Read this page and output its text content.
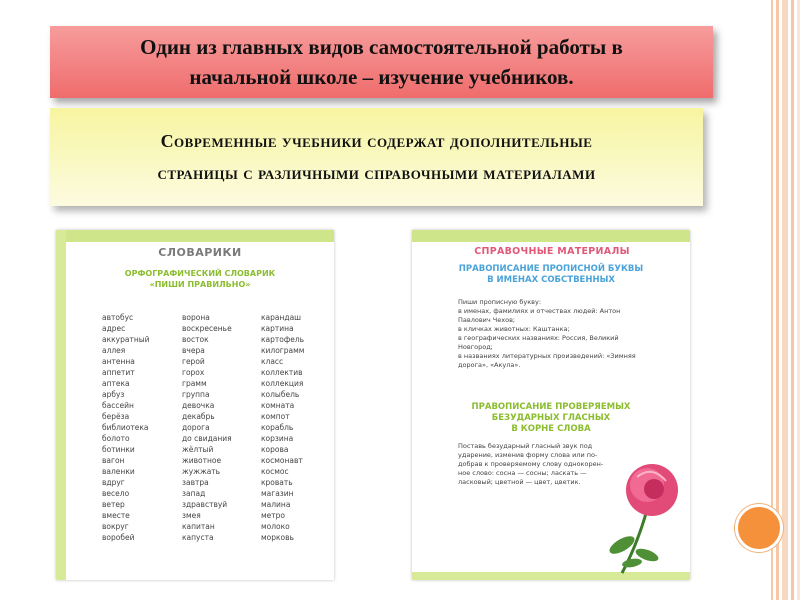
Один из главных видов самостоятельной работы в
начальной школе – изучение учебников.
Современные учебники содержат дополнительные
страницы с различными справочными материалами
СЛОВАРИКИ
ОРФОГРАФИЧЕСКИЙ СЛОВАРИК
«ПИШИ ПРАВИЛЬНО»
автобус
адрес
аккуратный
аллея
антенна
аппетит
аптека
арбуз
бассейн
берёза
библиотека
болото
ботинки
вагон
валенки
вдруг
весело
ветер
вместе
вокруг
воробей
ворона
воскресенье
восток
вчера
герой
горох
грамм
группа
девочка
декабрь
дорога
до свидания
жёлтый
животное
жужжать
завтра
запад
здравствуй
змея
капитан
капуста
карандаш
картина
картофель
килограмм
класс
коллектив
коллекция
колыбель
комната
компот
корабль
корзина
корова
космонавт
космос
кровать
магазин
малина
метро
молоко
морковь
СПРАВОЧНЫЕ МАТЕРИАЛЫ
ПРАВОПИСАНИЕ ПРОПИСНОЙ БУКВЫ
В ИМЕНАХ СОБСТВЕННЫХ
Пиши прописную букву:
в именах, фамилиях и отчествах людей: Антон
Павлович Чехов;
в кличках животных: Каштанка;
в географических названиях: Россия, Великий
Новгород;
в названиях литературных произведений: «Зимняя
дорога», «Акула».
ПРАВОПИСАНИЕ ПРОВЕРЯЕМЫХ
БЕЗУДАРНЫХ ГЛАСНЫХ
В КОРНЕ СЛОВА
Поставь безударный гласный звук под
ударение, изменив форму слова или по-
добрав к проверяемому слову однокорен-
ное слово: сосна — сосны; ласкать —
ласковый; цветной — цвет, цветик.
